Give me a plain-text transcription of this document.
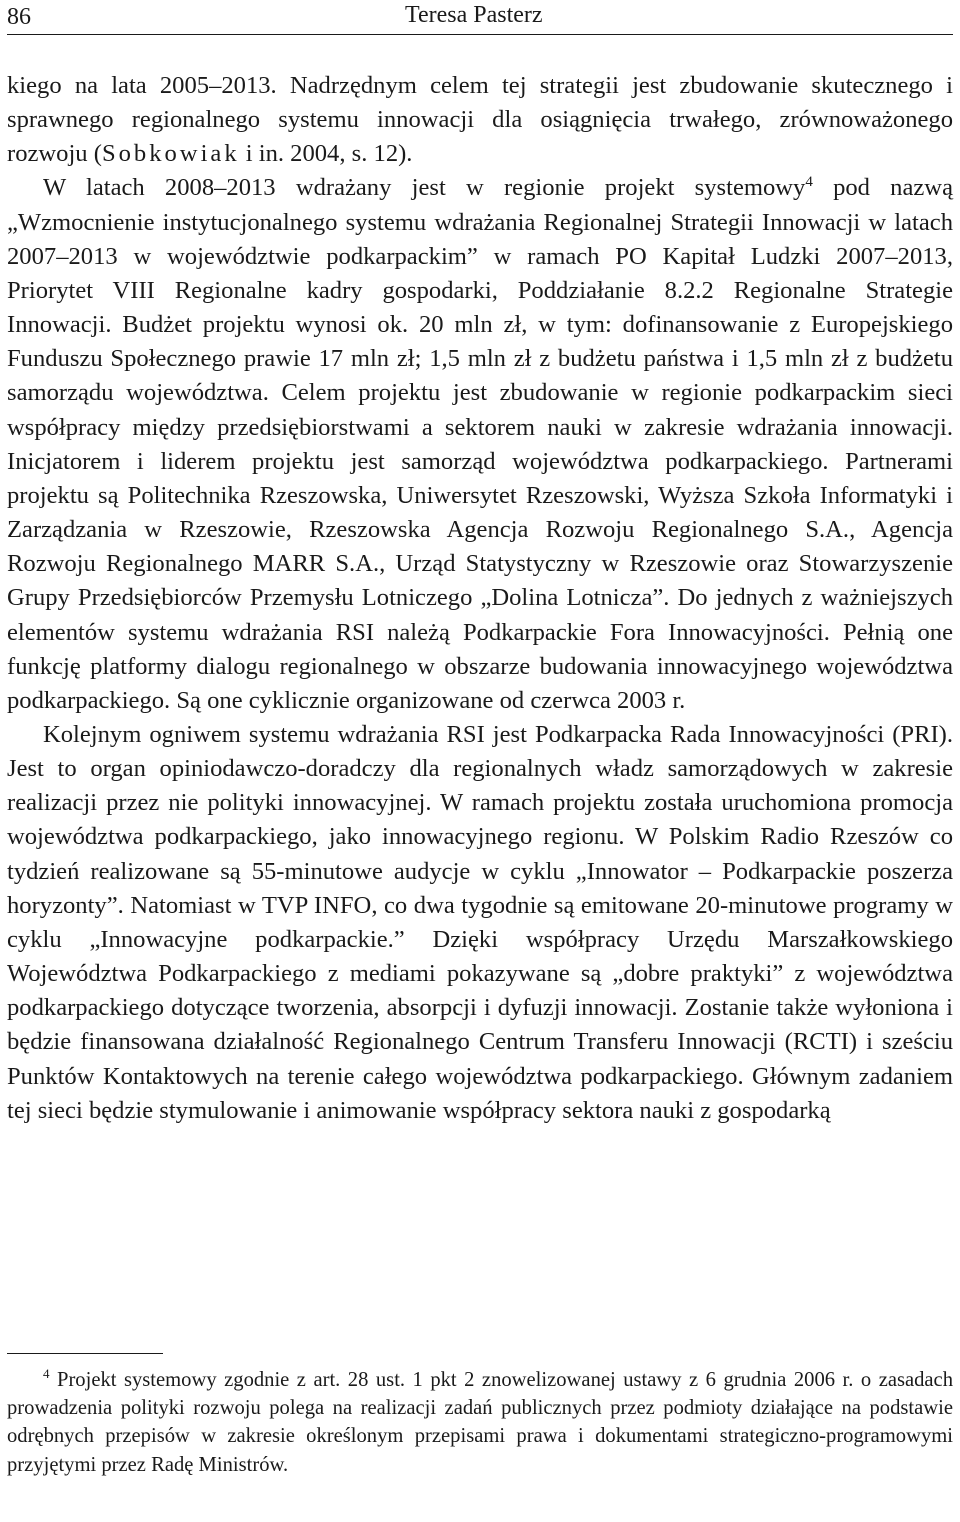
86	Teresa Pasterz

kiego na lata 2005–2013. Nadrzędnym celem tej strategii jest zbudowanie skutecznego i sprawnego regionalnego systemu innowacji dla osiągnięcia trwałego, zrównoważonego rozwoju (Sobkowiak i in. 2004, s. 12).

W latach 2008–2013 wdrażany jest w regionie projekt systemowy$^4$ pod nazwą „Wzmocnienie instytucjonalnego systemu wdrażania Regionalnej Strategii Innowacji w latach 2007–2013 w województwie podkarpackim” w ramach PO Kapitał Ludzki 2007–2013, Priorytet VIII Regionalne kadry gospodarki, Poddziałanie 8.2.2 Regionalne Strategie Innowacji. Budżet projektu wynosi ok. 20 mln zł, w tym: dofinansowanie z Europejskiego Funduszu Społecznego prawie 17 mln zł; 1,5 mln zł z budżetu państwa i 1,5 mln zł z budżetu samorządu województwa. Celem projektu jest zbudowanie w regionie podkarpackim sieci współpracy między przedsiębiorstwami a sektorem nauki w zakresie wdrażania innowacji. Inicjatorem i liderem projektu jest samorząd województwa podkarpackiego. Partnerami projektu są Politechnika Rzeszowska, Uniwersytet Rzeszowski, Wyższa Szkoła Informatyki i Zarządzania w Rzeszowie, Rzeszowska Agencja Rozwoju Regionalnego S.A., Agencja Rozwoju Regionalnego MARR S.A., Urząd Statystyczny w Rzeszowie oraz Stowarzyszenie Grupy Przedsiębiorców Przemysłu Lotniczego „Dolina Lotnicza”. Do jednych z ważniejszych elementów systemu wdrażania RSI należą Podkarpackie Fora Innowacyjności. Pełnią one funkcję platformy dialogu regionalnego w obszarze budowania innowacyjnego województwa podkarpackiego. Są one cyklicznie organizowane od czerwca 2003 r.

Kolejnym ogniwem systemu wdrażania RSI jest Podkarpacka Rada Innowacyjności (PRI). Jest to organ opiniodawczo-doradczy dla regionalnych władz samorządowych w zakresie realizacji przez nie polityki innowacyjnej. W ramach projektu została uruchomiona promocja województwa podkarpackiego, jako innowacyjnego regionu. W Polskim Radio Rzeszów co tydzień realizowane są 55-minutowe audycje w cyklu „Innowator – Podkarpackie poszerza horyzonty”. Natomiast w TVP INFO, co dwa tygodnie są emitowane 20-minutowe programy w cyklu „Innowacyjne podkarpackie.” Dzięki współpracy Urzędu Marszałkowskiego Województwa Podkarpackiego z mediami pokazywane są „dobre praktyki” z województwa podkarpackiego dotyczące tworzenia, absorpcji i dyfuzji innowacji. Zostanie także wyłoniona i będzie finansowana działalność Regionalnego Centrum Transferu Innowacji (RCTI) i sześciu Punktów Kontaktowych na terenie całego województwa podkarpackiego. Głównym zadaniem tej sieci będzie stymulowanie i animowanie współpracy sektora nauki z gospodarką

$^4$ Projekt systemowy zgodnie z art. 28 ust. 1 pkt 2 znowelizowanej ustawy z 6 grudnia 2006 r. o zasadach prowadzenia polityki rozwoju polega na realizacji zadań publicznych przez podmioty działające na podstawie odrębnych przepisów w zakresie określonym przepisami prawa i dokumentami strategiczno-programowymi przyjętymi przez Radę Ministrów.
